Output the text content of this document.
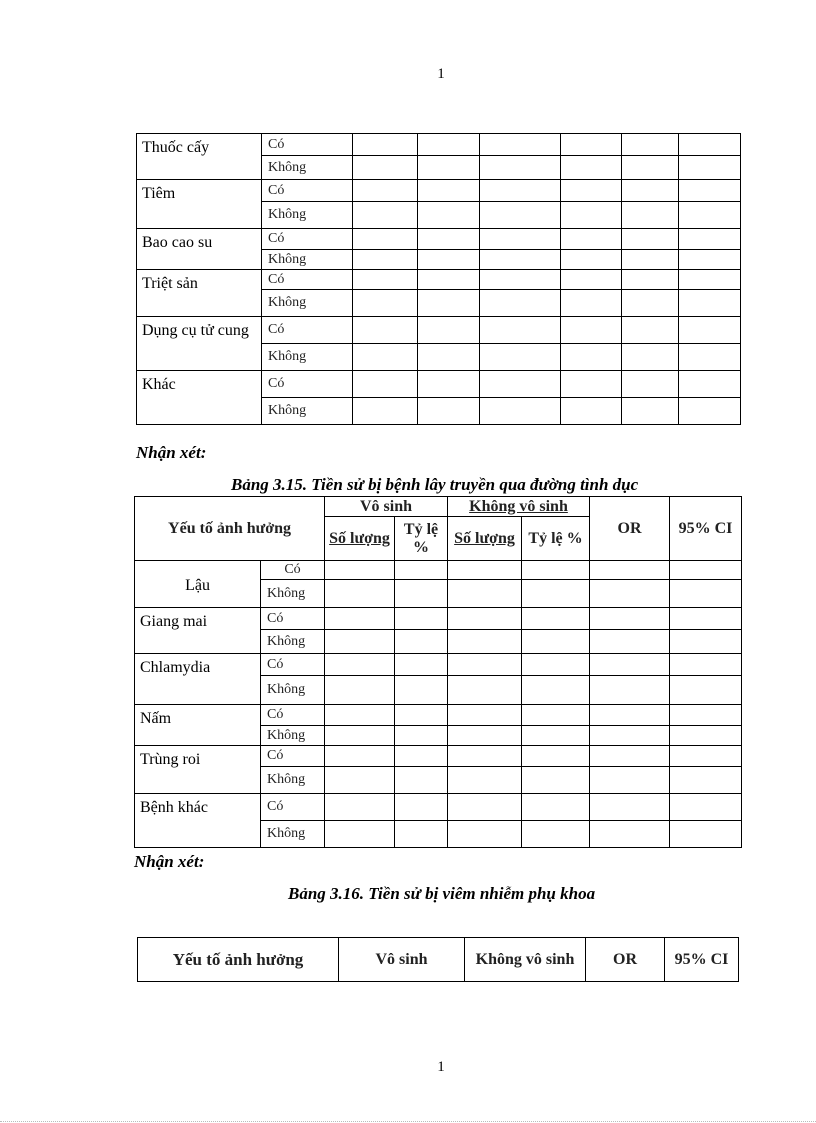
1
Thuốc cấy	Có						
	Không						
Tiêm	Có						
	Không						
Bao cao su	Có						
	Không						
Triệt sản	Có						
	Không						
Dụng cụ tử cung	Có						
	Không						
Khác	Có						
	Không						
Nhận xét:
Bảng 3.15. Tiền sử bị bệnh lây truyền qua đường tình dục
Yếu tố ảnh hưởng		Vô sinh		Không vô sinh		OR	95% CI
		Số lượng	Tỷ lệ %	Số lượng	Tỷ lệ %		
Lậu	Có						
	Không						
Giang mai	Có						
	Không						
Chlamydia	Có						
	Không						
Nấm	Có						
	Không						
Trùng roi	Có						
	Không						
Bệnh khác	Có						
	Không						
Nhận xét:
Bảng 3.16. Tiền sử bị viêm nhiễm phụ khoa
Yếu tố ảnh hưởng	Vô sinh	Không vô sinh	OR	95% CI
1
